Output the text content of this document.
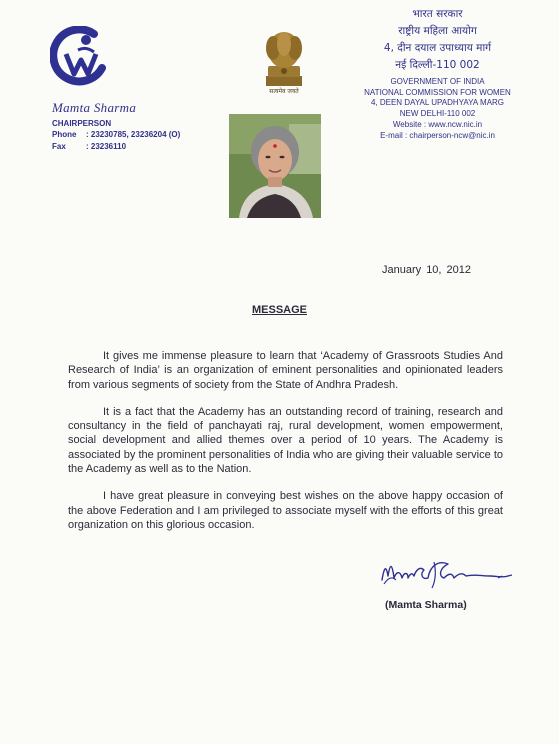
सत्यमेव जयते
Mamta Sharma
CHAIRPERSON
Phone : 23230785, 23236204 (O)
Fax	: 23236110
भारत सरकार
राष्ट्रीय महिला आयोग
4, दीन दयाल उपाध्याय मार्ग
नई दिल्ली-110 002
GOVERNMENT OF INDIA
NATIONAL COMMISSION FOR WOMEN
4, DEEN DAYAL UPADHYAYA MARG
NEW DELHI-110 002
Website : www.ncw.nic.in
E-mail : chairperson-ncw@nic.in
January 10, 2012
MESSAGE

It gives me immense pleasure to learn that ‘Academy of Grassroots Studies And Research of India’ is an organization of eminent personalities and opinionated leaders from various segments of society from the State of Andhra Pradesh.

It is a fact that the Academy has an outstanding record of training, research and consultancy in the field of panchayati raj, rural development, women empowerment, social development and allied themes over a period of 10 years. The Academy is associated by the prominent personalities of India who are giving their valuable service to the Academy as well as to the Nation.

I have great pleasure in conveying best wishes on the above happy occasion of the above Federation and I am privileged to associate myself with the efforts of this great organization on this glorious occasion.

(Mamta Sharma)
